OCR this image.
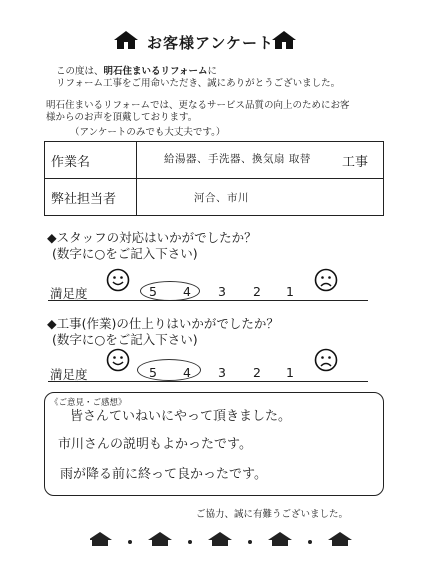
お客様アンケート
この度は、明石住まいるリフォームに
リフォーム工事をご用命いただき、誠にありがとうございました。
明石住まいるリフォームでは、更なるサービス品質の向上のためにお客
様からのお声を頂戴しております。
（アンケートのみでも大丈夫です。）
作業名	給湯器、手洗器、換気扇 取替 工事

弊社担当者	河合、市川
◆スタッフの対応はいかがでしたか？
(数字に○をご記入下さい)
満足度	5 4 3 2 1
◆工事(作業)の仕上りはいかがでしたか？
(数字に○をご記入下さい)
満足度	5 4 3 2 1
《ご意見・ご感想》
皆さんていねいにやって頂きました。
市川さんの説明もよかったです。
雨が降る前に終って良かったです。
ご協力、誠に有難うございました。
